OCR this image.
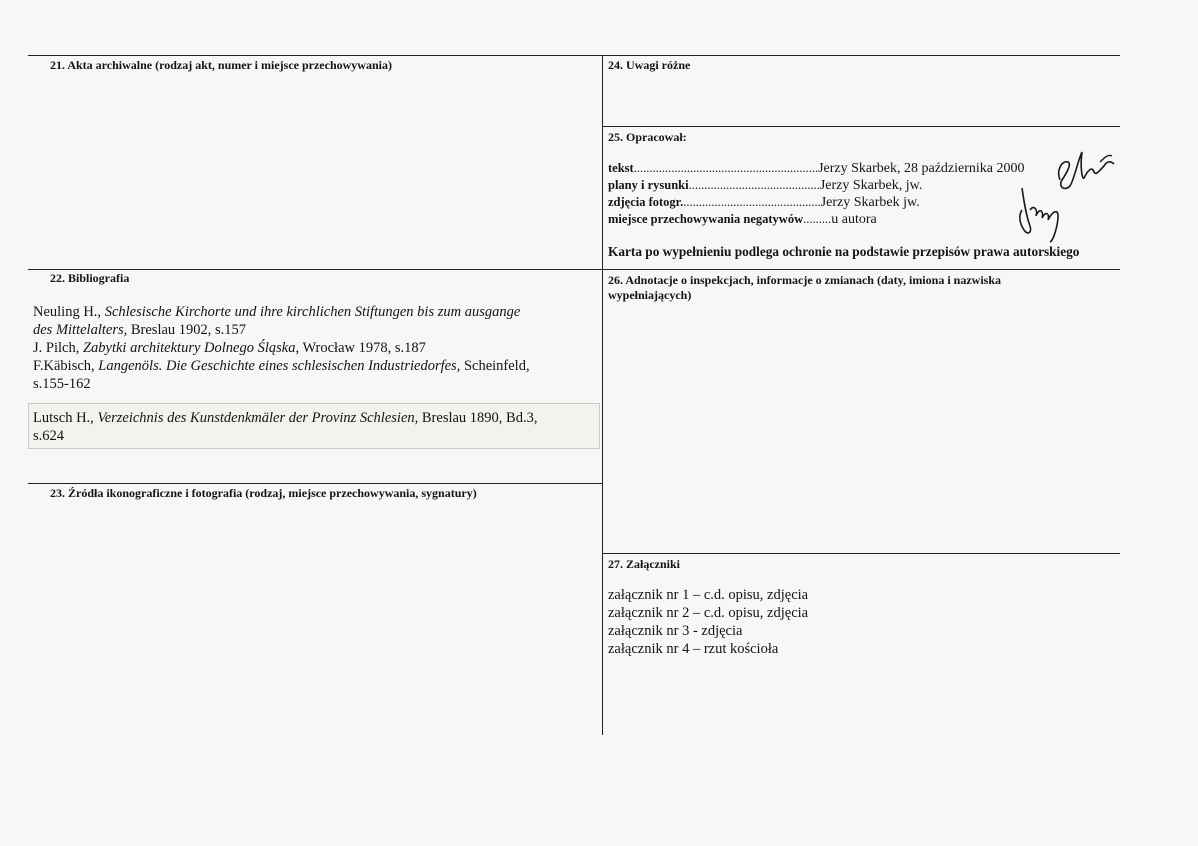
21. Akta archiwalne (rodzaj akt, numer i miejsce przechowywania)	24. Uwagi różne
25. Opracował:
tekst...........................................................Jerzy Skarbek, 28 października 2000
plany i rysunki..........................................Jerzy Skarbek, jw.
zdjęcia fotogr.............................................Jerzy Skarbek jw.
miejsce przechowywania negatywów.........u autora
Karta po wypełnieniu podlega ochronie na podstawie przepisów prawa autorskiego
22. Bibliografia
Neuling H., Schlesische Kirchorte und ihre kirchlichen Stiftungen bis zum ausgange
des Mittelalters, Breslau 1902, s.157
J. Pilch, Zabytki architektury Dolnego Śląska, Wrocław 1978, s.187
F.Käbisch, Langenöls. Die Geschichte eines schlesischen Industriedorfes, Scheinfeld,
s.155-162
Lutsch H., Verzeichnis des Kunstdenkmäler der Provinz Schlesien, Breslau 1890, Bd.3,
s.624
26. Adnotacje o inspekcjach, informacje o zmianach (daty, imiona i nazwiska
wypełniających)
23. Źródła ikonograficzne i fotografia (rodzaj, miejsce przechowywania, sygnatury)
27. Załączniki
załącznik nr 1 – c.d. opisu, zdjęcia
załącznik nr 2 – c.d. opisu, zdjęcia
załącznik nr 3 - zdjęcia
załącznik nr 4 – rzut kościoła
